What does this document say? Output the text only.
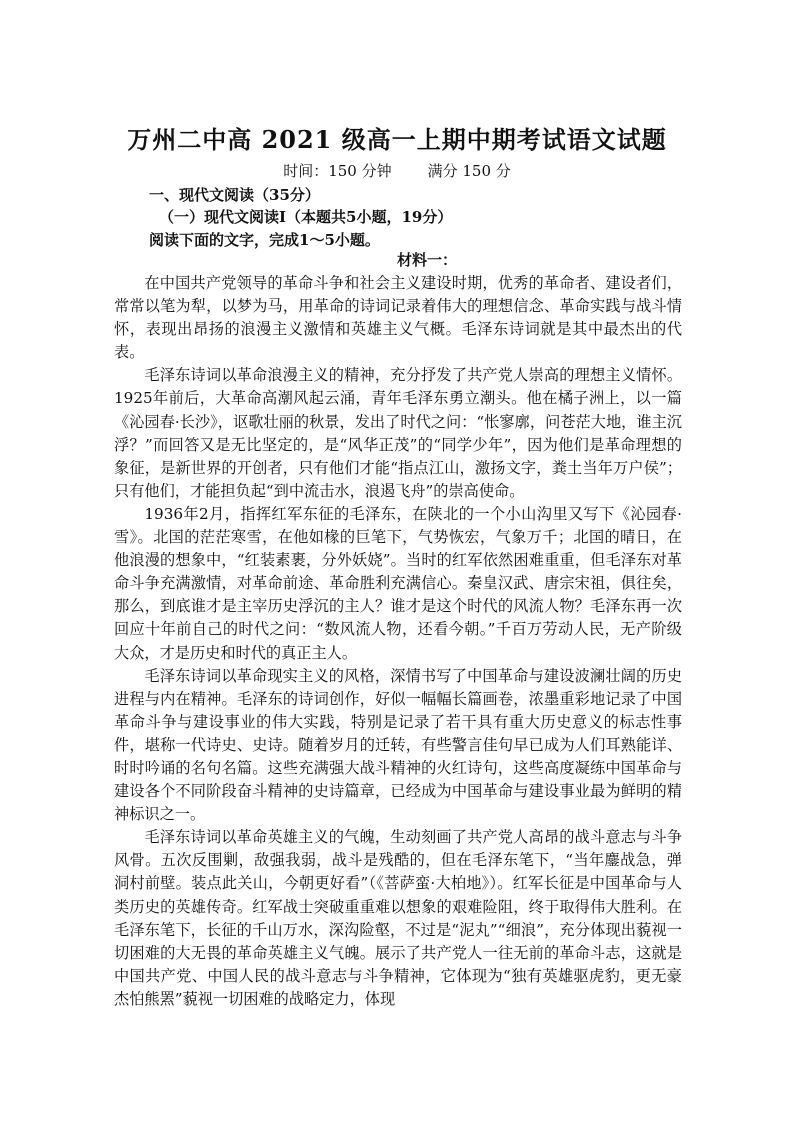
万州二中高 2021 级高一上期中期考试语文试题
时间：150 分钟 满分 150 分
一、现代文阅读（35分）
（一）现代文阅读Ⅰ（本题共5小题，19分）
阅读下面的文字，完成1～5小题。
材料一：

在中国共产党领导的革命斗争和社会主义建设时期，优秀的革命者、建设者们，常常以笔为犁，以梦为马，用革命的诗词记录着伟大的理想信念、革命实践与战斗情怀，表现出昂扬的浪漫主义激情和英雄主义气概。毛泽东诗词就是其中最杰出的代表。

毛泽东诗词以革命浪漫主义的精神，充分抒发了共产党人崇高的理想主义情怀。1925年前后，大革命高潮风起云涌，青年毛泽东勇立潮头。他在橘子洲上，以一篇《沁园春·长沙》，讴歌壮丽的秋景，发出了时代之问：“怅寥廓，问苍茫大地，谁主沉浮？”而回答又是无比坚定的，是“风华正茂”的“同学少年”，因为他们是革命理想的象征，是新世界的开创者，只有他们才能“指点江山，激扬文字，粪土当年万户侯”；只有他们，才能担负起“到中流击水，浪遏飞舟”的崇高使命。

1936年2月，指挥红军东征的毛泽东，在陕北的一个小山沟里又写下《沁园春·雪》。北国的茫茫寒雪，在他如椽的巨笔下，气势恢宏，气象万千；北国的晴日，在他浪漫的想象中，“红装素裹，分外妖娆”。当时的红军依然困难重重，但毛泽东对革命斗争充满激情，对革命前途、革命胜利充满信心。秦皇汉武、唐宗宋祖，俱往矣，那么，到底谁才是主宰历史浮沉的主人？谁才是这个时代的风流人物？毛泽东再一次回应十年前自己的时代之问：“数风流人物，还看今朝。”千百万劳动人民，无产阶级大众，才是历史和时代的真正主人。

毛泽东诗词以革命现实主义的风格，深情书写了中国革命与建设波澜壮阔的历史进程与内在精神。毛泽东的诗词创作，好似一幅幅长篇画卷，浓墨重彩地记录了中国革命斗争与建设事业的伟大实践，特别是记录了若干具有重大历史意义的标志性事件，堪称一代诗史、史诗。随着岁月的迁转，有些警言佳句早已成为人们耳熟能详、时时吟诵的名句名篇。这些充满强大战斗精神的火红诗句，这些高度凝练中国革命与建设各个不同阶段奋斗精神的史诗篇章，已经成为中国革命与建设事业最为鲜明的精神标识之一。

毛泽东诗词以革命英雄主义的气魄，生动刻画了共产党人高昂的战斗意志与斗争风骨。五次反围剿，敌强我弱，战斗是残酷的，但在毛泽东笔下，“当年鏖战急，弹洞村前壁。装点此关山，今朝更好看”（《菩萨蛮·大柏地》）。红军长征是中国革命与人类历史的英雄传奇。红军战士突破重重难以想象的艰难险阻，终于取得伟大胜利。在毛泽东笔下，长征的千山万水，深沟险壑，不过是“泥丸”“细浪”，充分体现出藐视一切困难的大无畏的革命英雄主义气魄。展示了共产党人一往无前的革命斗志，这就是中国共产党、中国人民的战斗意志与斗争精神，它体现为“独有英雄驱虎豹，更无豪杰怕熊罴”藐视一切困难的战略定力，体现
